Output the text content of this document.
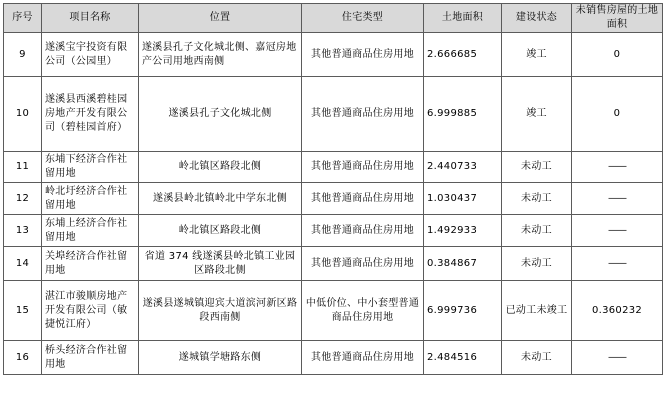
序号	项目名称	位置	住宅类型	土地面积	建设状态	未销售房屋的土地面积
9	遂溪宝宇投资有限公司（公园里）	遂溪县孔子文化城北侧、嘉冠房地产公司用地西南侧	其他普通商品住房用地	2.666685	竣工	0
10	遂溪县西溪碧桂园房地产开发有限公司（碧桂园首府）	遂溪县孔子文化城北侧	其他普通商品住房用地	6.999885	竣工	0
11	东埔下经济合作社留用地	岭北镇区路段北侧	其他普通商品住房用地	2.440733	未动工	——
12	岭北圩经济合作社留用地	遂溪县岭北镇岭北中学东北侧	其他普通商品住房用地	1.030437	未动工	——
13	东埔上经济合作社留用地	岭北镇区路段北侧	其他普通商品住房用地	1.492933	未动工	——
14	关埠经济合作社留用地	省道 374 线遂溪县岭北镇工业园区路段北侧	其他普通商品住房用地	0.384867	未动工	——
15	湛江市骏顺房地产开发有限公司（敏捷悦江府）	遂溪县遂城镇迎宾大道滨河新区路段西南侧	中低价位、中小套型普通商品住房用地	6.999736	已动工未竣工	0.360232
16	桥头经济合作社留用地	遂城镇学塘路东侧	其他普通商品住房用地	2.484516	未动工	——
